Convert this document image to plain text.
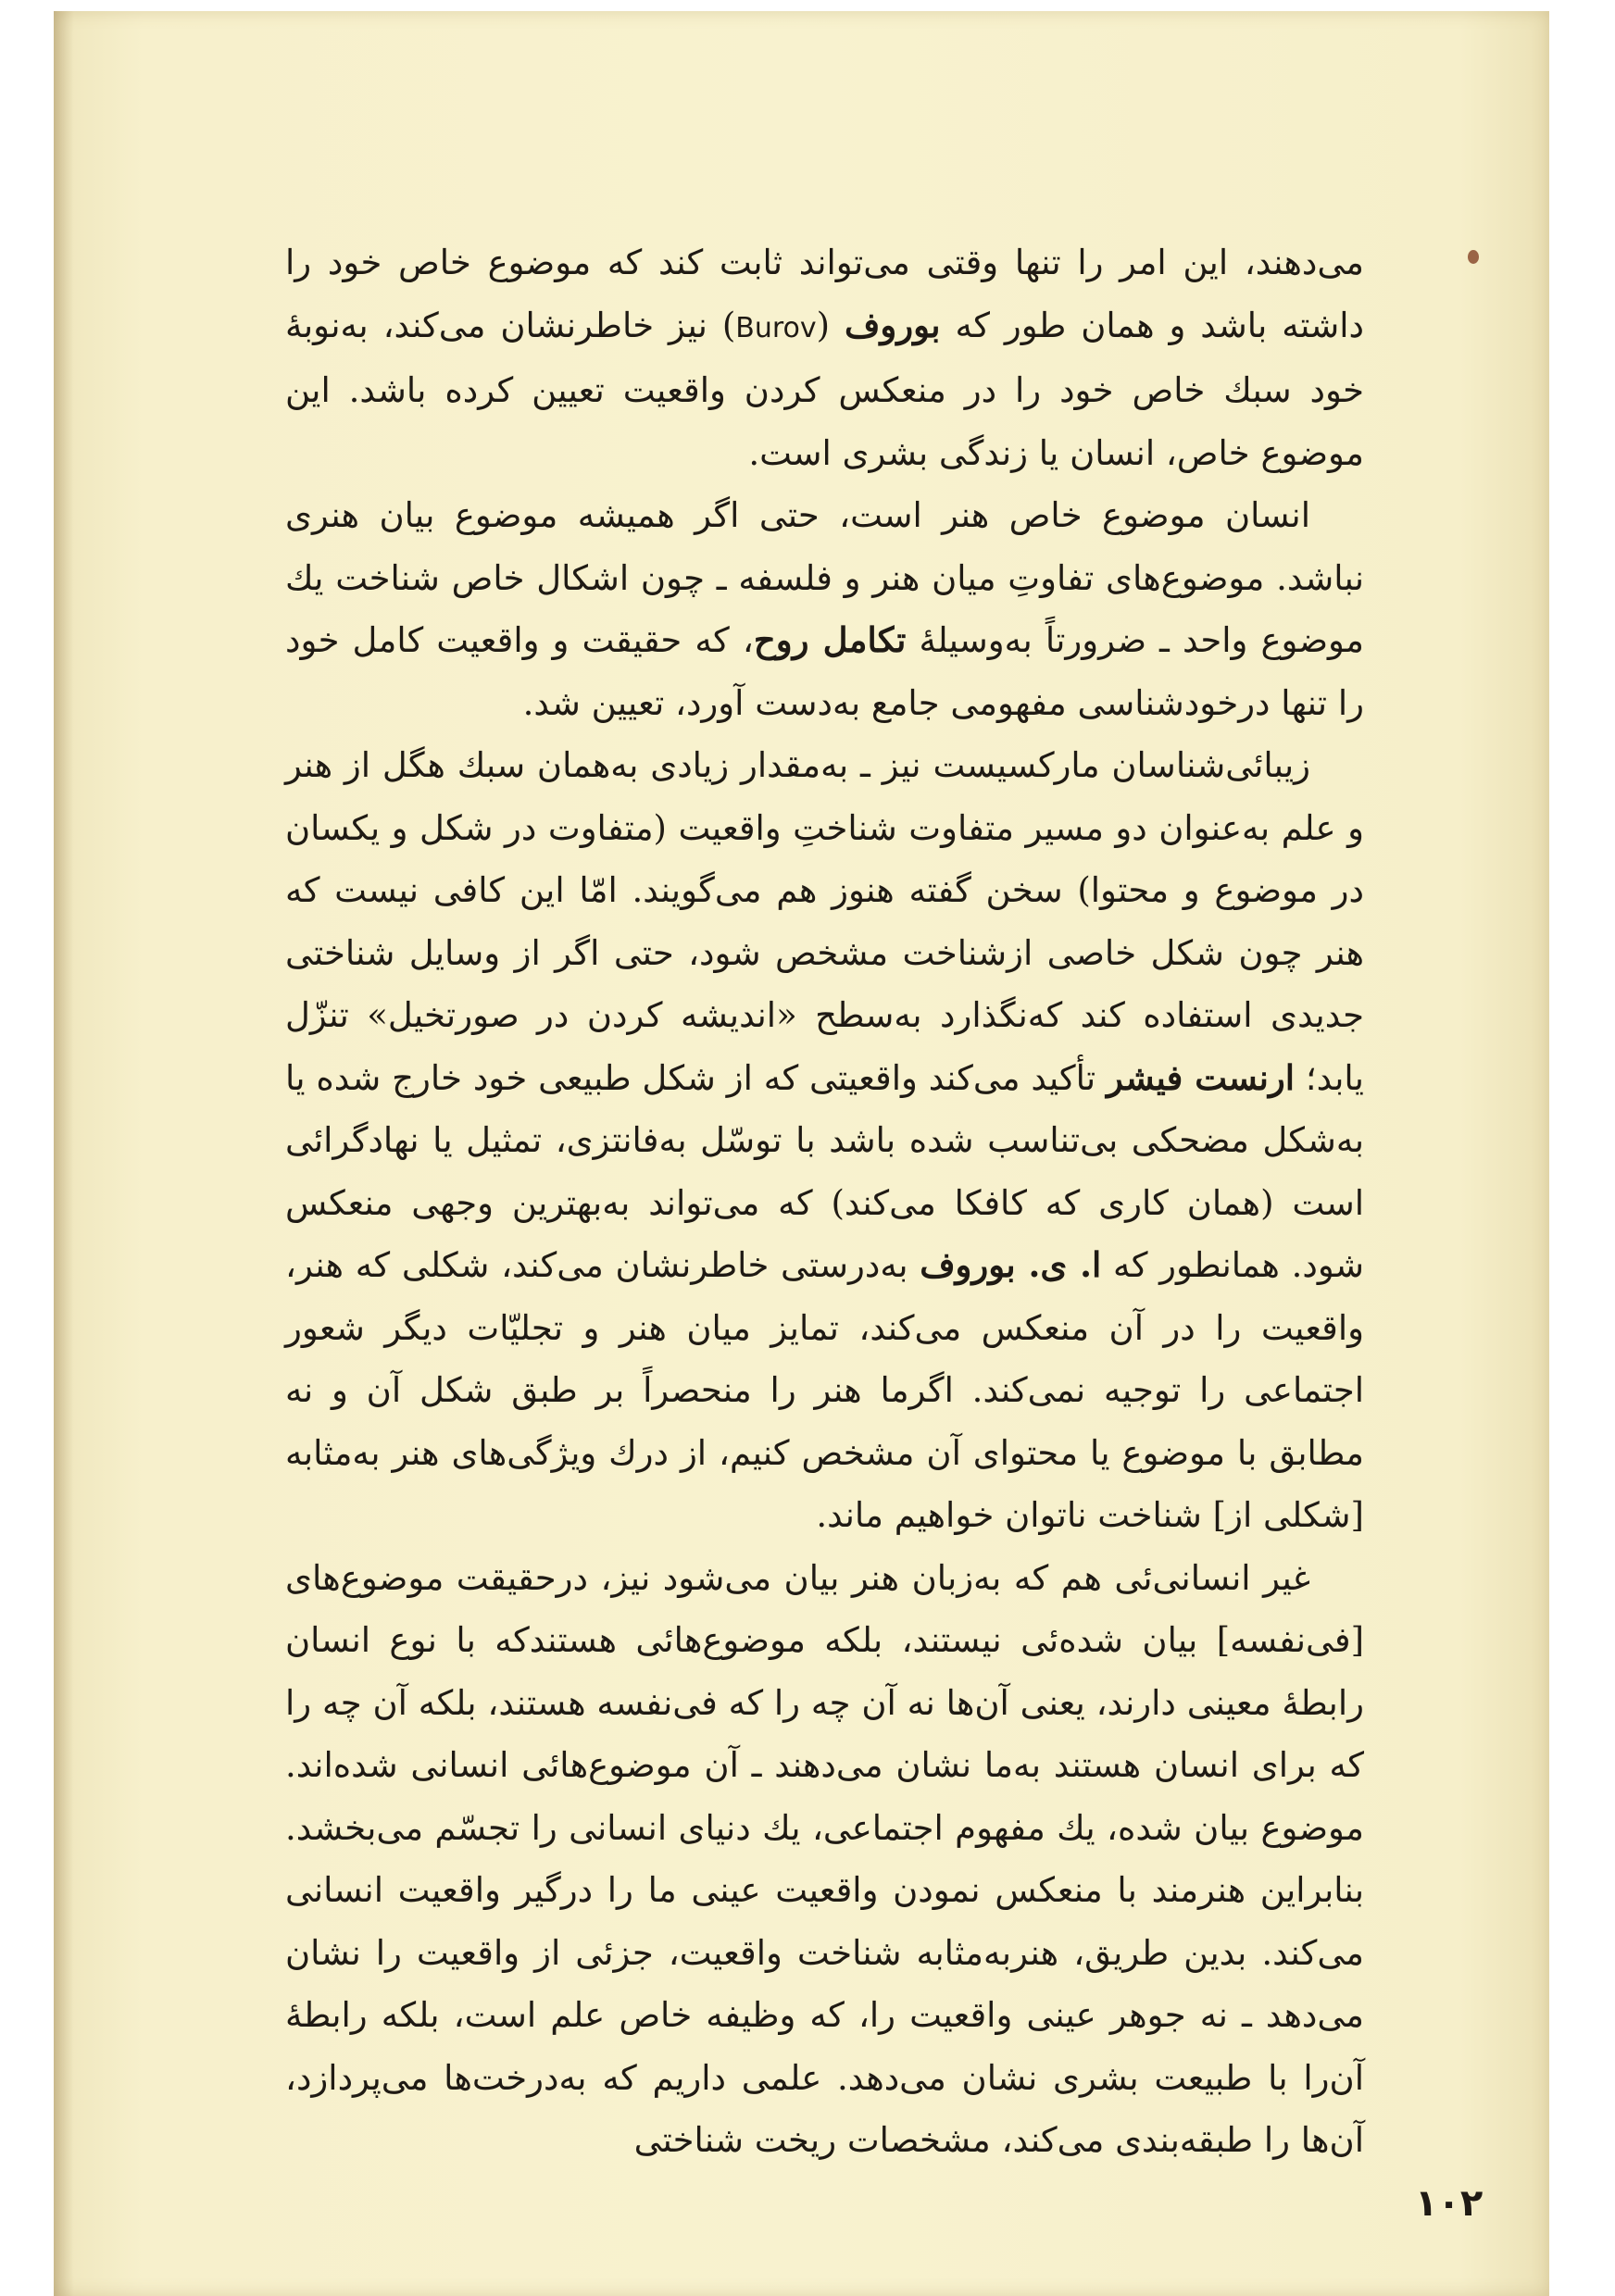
می‌دهند، این امر را تنها وقتی می‌تواند ثابت کند که موضوع خاص خود را داشته باشد و همان طور که بوروف (Burov) نیز خاطرنشان می‌کند، به‌نوبهٔ خود سبك خاص خود را در منعکس کردن واقعیت تعیین کرده باشد. این موضوع خاص، انسان یا زندگی بشری است.

انسان موضوع خاص هنر است، حتی اگر همیشه موضوع بیان هنری نباشد. موضوع‌های تفاوتِ میان هنر و فلسفه ـ چون اشکال خاص شناخت يك موضوع واحد ـ ضرورتاً به‌وسیلهٔ تکامل روح، که حقیقت و واقعیت کامل خود را تنها درخودشناسی مفهومی جامع به‌دست آورد، تعیین شد.

زیبائی‌شناسان مارکسیست نیز ـ به‌مقدار زیادی به‌همان سبك هگل از هنر و علم به‌عنوان دو مسیر متفاوت شناختِ واقعیت (متفاوت در شکل و یکسان در موضوع و محتوا) سخن گفته هنوز هم می‌گویند. امّا این کافی نیست که هنر چون شکل خاصی ازشناخت مشخص شود، حتی اگر از وسایل شناختی جدیدی استفاده کند که‌نگذارد به‌سطح «اندیشه کردن در صورتخیل» تنزّل یابد؛ ارنست فیشر تأکید می‌کند واقعیتی که از شکل طبیعی خود خارج شده یا به‌شکل مضحکی بی‌تناسب شده باشد با توسّل به‌فانتزی، تمثیل یا نهادگرائی است (همان کاری که کافکا می‌کند) که می‌تواند به‌بهترین وجهی منعکس شود. همانطور که ا. ی. بوروف به‌درستی خاطرنشان می‌کند، شکلی که هنر، واقعیت را در آن منعکس می‌کند، تمایز میان هنر و تجلیّات دیگر شعور اجتماعی را توجیه نمی‌کند. اگرما هنر را منحصراً بر طبق شکل آن و نه مطابق با موضوع یا محتوای آن مشخص کنیم، از درك ویژگی‌های هنر به‌مثابه [شکلی از] شناخت ناتوان خواهیم ماند.

غیر انسانی‌ئی هم که به‌زبان هنر بیان می‌شود نیز، درحقیقت موضوع‌های [فی‌نفسه] بیان شده‌ئی نیستند، بلکه موضوع‌هائی هستندکه با نوع انسان رابطهٔ معینی دارند، یعنی آن‌ها نه آن چه را که فی‌نفسه هستند، بلکه آن چه را که برای انسان هستند به‌ما نشان می‌دهند ـ آن موضوع‌هائی انسانی شده‌اند. موضوع بیان شده، يك مفهوم اجتماعی، يك دنیای انسانی را تجسّم می‌بخشد. بنابراین هنرمند با منعکس نمودن واقعیت عینی ما را درگیر واقعیت انسانی می‌کند. بدین طریق، هنربه‌مثابه شناخت واقعیت، جزئی از واقعیت را نشان می‌دهد ـ نه جوهر عینی واقعیت را، که وظیفه خاص علم است، بلکه رابطهٔ آن‌را با طبیعت بشری نشان می‌دهد. علمی داریم که به‌درخت‌ها می‌پردازد، آن‌ها را طبقه‌بندی می‌کند، مشخصات ریخت شناختی

۱۰۲
